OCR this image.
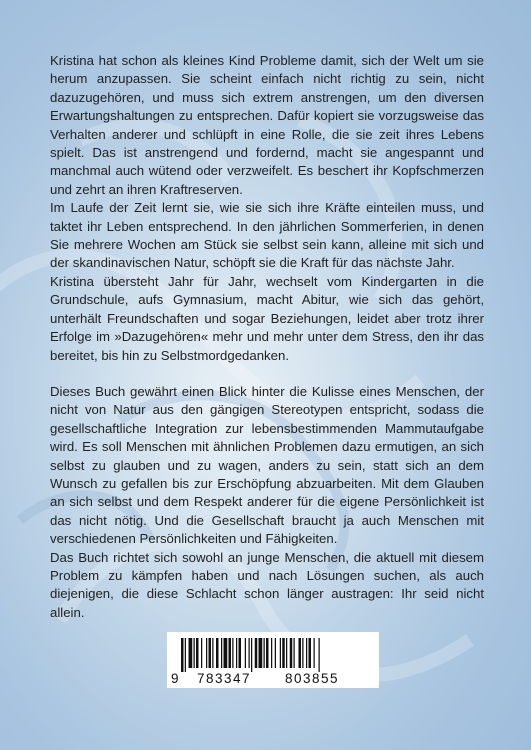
Kristina hat schon als kleines Kind Probleme damit, sich der Welt um sie herum anzupassen. Sie scheint einfach nicht richtig zu sein, nicht dazuzugehören, und muss sich extrem anstrengen, um den diversen Erwartungshaltungen zu entsprechen. Dafür kopiert sie vorzugsweise das Verhalten anderer und schlüpft in eine Rolle, die sie zeit ihres Lebens spielt. Das ist anstrengend und fordernd, macht sie angespannt und manchmal auch wütend oder verzweifelt. Es beschert ihr Kopfschmerzen und zehrt an ihren Kraftreserven.

Im Laufe der Zeit lernt sie, wie sie sich ihre Kräfte einteilen muss, und taktet ihr Leben entsprechend. In den jährlichen Sommerferien, in denen Sie mehrere Wochen am Stück sie selbst sein kann, alleine mit sich und der skandinavischen Natur, schöpft sie die Kraft für das nächste Jahr.

Kristina übersteht Jahr für Jahr, wechselt vom Kindergarten in die Grundschule, aufs Gymnasium, macht Abitur, wie sich das gehört, unterhält Freundschaften und sogar Beziehungen, leidet aber trotz ihrer Erfolge im »Dazugehören« mehr und mehr unter dem Stress, den ihr das bereitet, bis hin zu Selbstmordgedanken.

Dieses Buch gewährt einen Blick hinter die Kulisse eines Menschen, der nicht von Natur aus den gängigen Stereotypen entspricht, sodass die gesellschaftliche Integration zur lebensbestimmenden Mammutaufgabe wird. Es soll Menschen mit ähnlichen Problemen dazu ermutigen, an sich selbst zu glauben und zu wagen, anders zu sein, statt sich an dem Wunsch zu gefallen bis zur Erschöpfung abzuarbeiten. Mit dem Glauben an sich selbst und dem Respekt anderer für die eigene Persönlichkeit ist das nicht nötig. Und die Gesellschaft braucht ja auch Menschen mit verschiedenen Persönlichkeiten und Fähigkeiten.

Das Buch richtet sich sowohl an junge Menschen, die aktuell mit diesem Problem zu kämpfen haben und nach Lösungen suchen, als auch diejenigen, die diese Schlacht schon länger austragen: Ihr seid nicht allein.

9 783347	803855
